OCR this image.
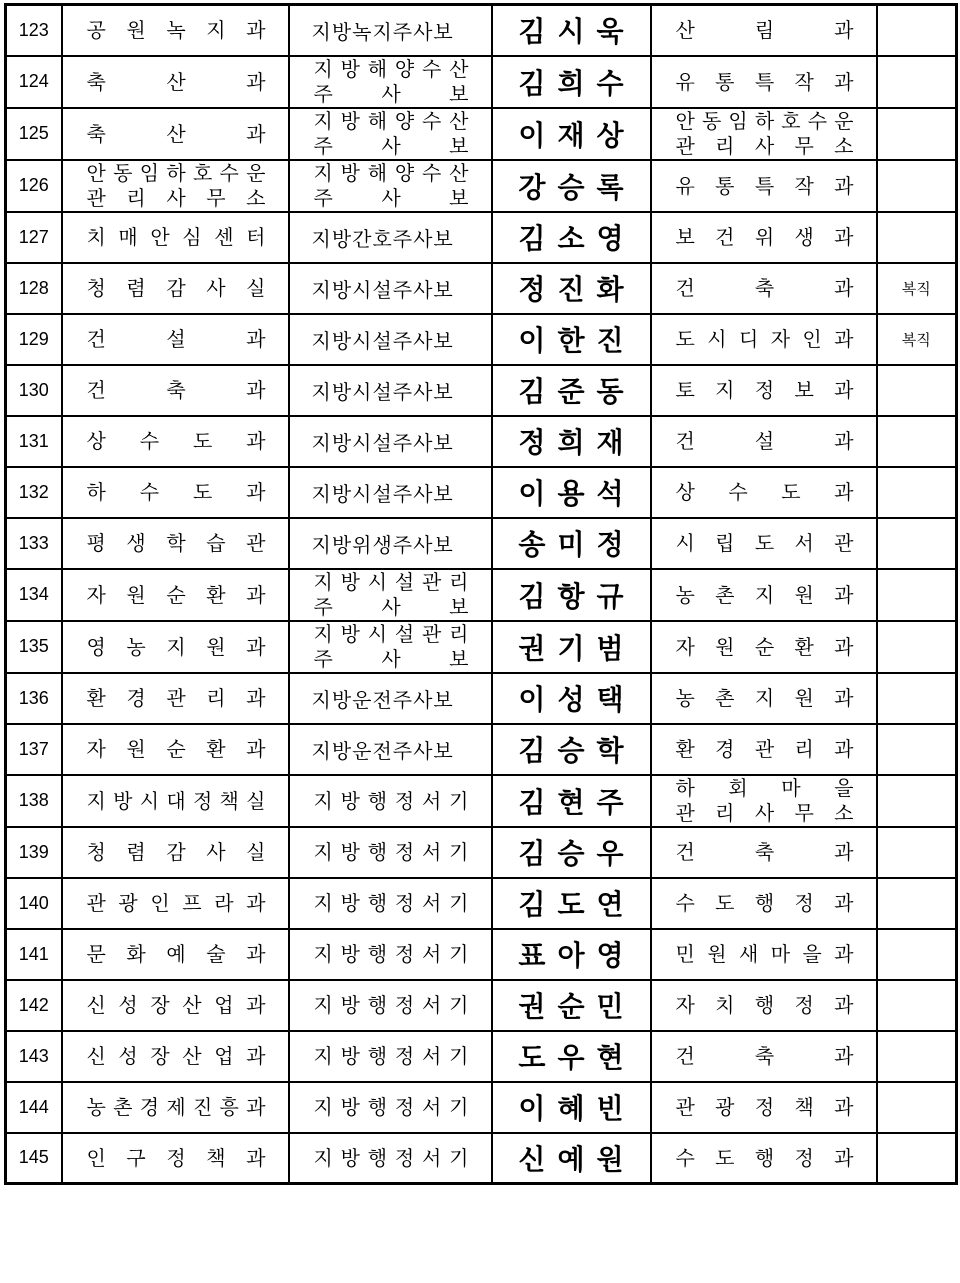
123	공 원 녹 지 과	지방녹지주사보	김시욱	산 림 과	

124	축 산 과	지 방 해 양 수 산
주 사 보	김희수	유 통 특 작 과	

125	축 산 과	지 방 해 양 수 산
주 사 보	이재상	안 동 임 하 호 수 운
관 리 사 무 소	

126	안 동 임 하 호 수 운
관 리 사 무 소	지 방 해 양 수 산
주 사 보	강승록	유 통 특 작 과	

127	치 매 안 심 센 터	지방간호주사보	김소영	보 건 위 생 과	

128	청 렴 감 사 실	지방시설주사보	정진화	건 축 과	복직
129	건 설 과	지방시설주사보	이한진	도 시 디 자 인 과	복직
130	건 축 과	지방시설주사보	김준동	토 지 정 보 과	

131	상 수 도 과	지방시설주사보	정희재	건 설 과	

132	하 수 도 과	지방시설주사보	이용석	상 수 도 과	

133	평 생 학 습 관	지방위생주사보	송미정	시 립 도 서 관	

134	자 원 순 환 과	지 방 시 설 관 리
주 사 보	김항규	농 촌 지 원 과	

135	영 농 지 원 과	지 방 시 설 관 리
주 사 보	권기범	자 원 순 환 과	

136	환 경 관 리 과	지방운전주사보	이성택	농 촌 지 원 과	

137	자 원 순 환 과	지방운전주사보	김승학	환 경 관 리 과	

138	지 방 시 대 정 책 실	지 방 행 정 서 기	김현주	하 회 마 을
관 리 사 무 소	

139	청 렴 감 사 실	지 방 행 정 서 기	김승우	건 축 과	

140	관 광 인 프 라 과	지 방 행 정 서 기	김도연	수 도 행 정 과	

141	문 화 예 술 과	지 방 행 정 서 기	표아영	민 원 새 마 을 과	

142	신 성 장 산 업 과	지 방 행 정 서 기	권순민	자 치 행 정 과	

143	신 성 장 산 업 과	지 방 행 정 서 기	도우현	건 축 과	

144	농 촌 경 제 진 흥 과	지 방 행 정 서 기	이혜빈	관 광 정 책 과	

145	인 구 정 책 과	지 방 행 정 서 기	신예원	수 도 행 정 과	
